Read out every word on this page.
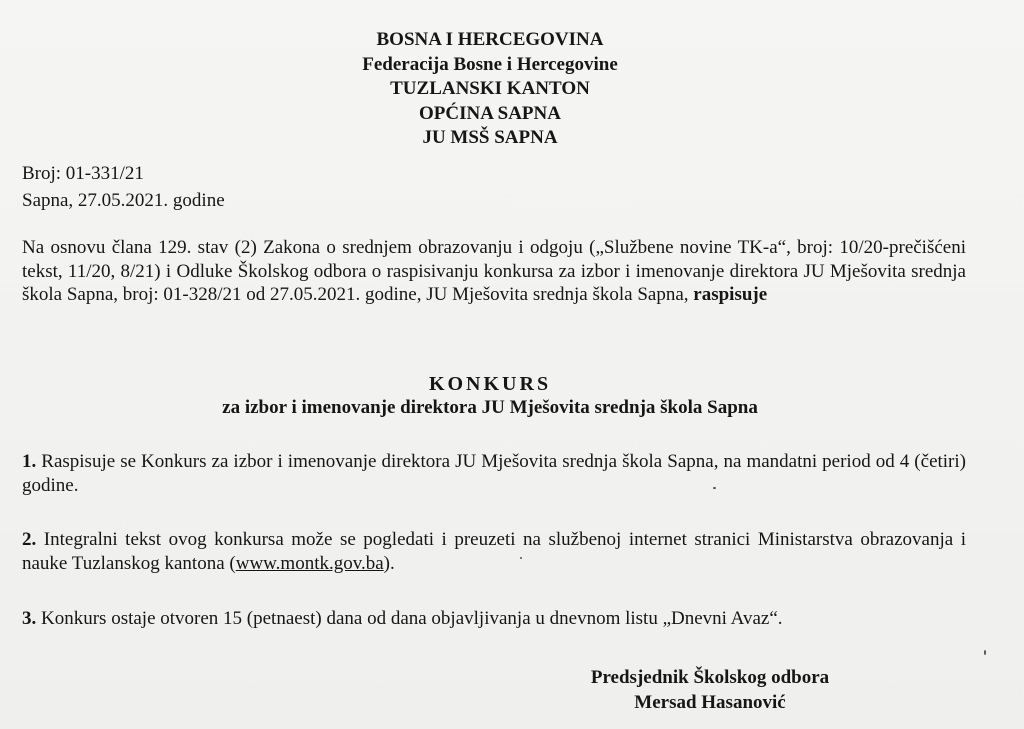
BOSNA I HERCEGOVINA
Federacija Bosne i Hercegovine
TUZLANSKI KANTON
OPĆINA SAPNA
JU MSŠ SAPNA
Broj: 01-331/21
Sapna, 27.05.2021. godine
Na osnovu člana 129. stav (2) Zakona o srednjem obrazovanju i odgoju („Službene novine TK-a“, broj: 10/20-prečišćeni tekst, 11/20, 8/21) i Odluke Školskog odbora o raspisivanju konkursa za izbor i imenovanje direktora JU Mješovita srednja škola Sapna, broj: 01-328/21 od 27.05.2021. godine, JU Mješovita srednja škola Sapna, raspisuje
KONKURS
za izbor i imenovanje direktora JU Mješovita srednja škola Sapna
1. Raspisuje se Konkurs za izbor i imenovanje direktora JU Mješovita srednja škola Sapna, na mandatni period od 4 (četiri) godine.
2. Integralni tekst ovog konkursa može se pogledati i preuzeti na službenoj internet stranici Ministarstva obrazovanja i nauke Tuzlanskog kantona (www.montk.gov.ba).
3. Konkurs ostaje otvoren 15 (petnaest) dana od dana objavljivanja u dnevnom listu „Dnevni Avaz“.
Predsjednik Školskog odbora
Mersad Hasanović
